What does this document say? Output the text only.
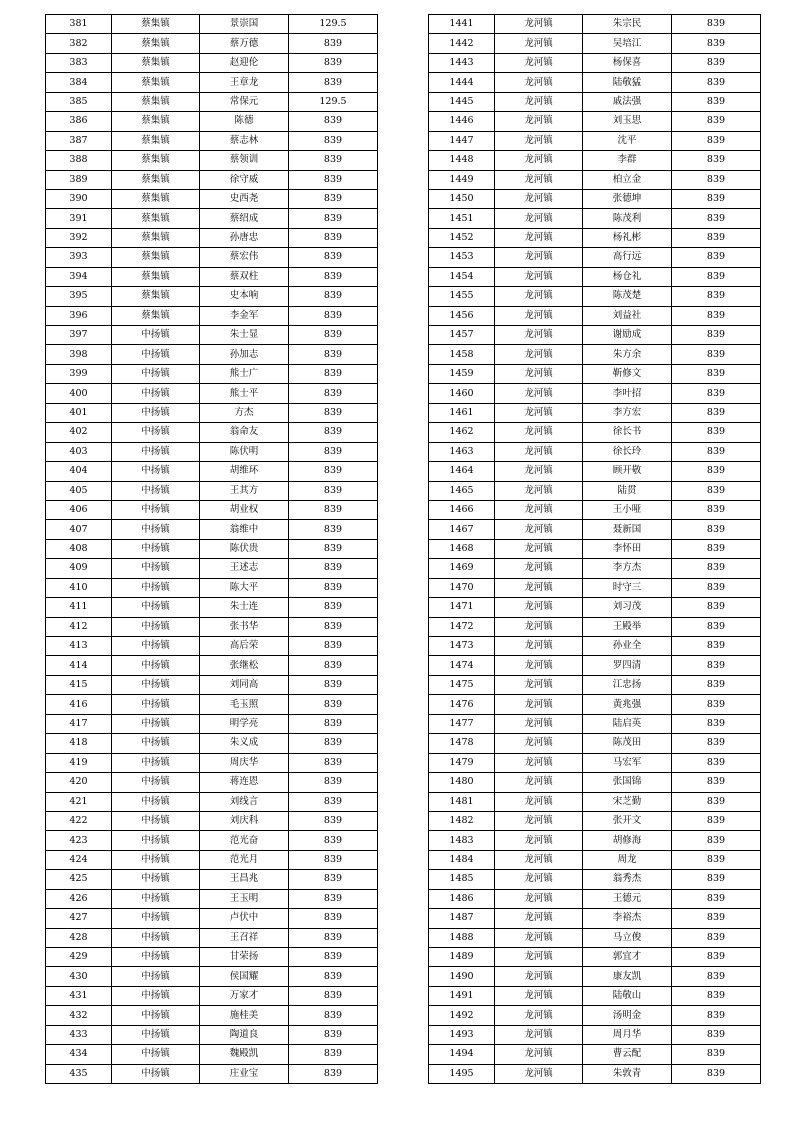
381	蔡集镇	景崇国	129.5
382	蔡集镇	蔡万德	839
383	蔡集镇	赵迎伦	839
384	蔡集镇	王章龙	839
385	蔡集镇	常保元	129.5
386	蔡集镇	陈德	839
387	蔡集镇	蔡志林	839
388	蔡集镇	蔡领训	839
389	蔡集镇	徐守威	839
390	蔡集镇	史西尧	839
391	蔡集镇	蔡绍成	839
392	蔡集镇	孙唐忠	839
393	蔡集镇	蔡宏伟	839
394	蔡集镇	蔡双柱	839
395	蔡集镇	史本响	839
396	蔡集镇	李金军	839
397	中扬镇	朱士显	839
398	中扬镇	孙加志	839
399	中扬镇	熊士广	839
400	中扬镇	熊士平	839
401	中扬镇	方杰	839
402	中扬镇	翁命友	839
403	中扬镇	陈伏明	839
404	中扬镇	胡维环	839
405	中扬镇	王其方	839
406	中扬镇	胡业权	839
407	中扬镇	翁维中	839
408	中扬镇	陈伏贵	839
409	中扬镇	王述志	839
410	中扬镇	陈大平	839
411	中扬镇	朱士连	839
412	中扬镇	张书华	839
413	中扬镇	高后荣	839
414	中扬镇	张继松	839
415	中扬镇	刘同高	839
416	中扬镇	毛玉照	839
417	中扬镇	明学亮	839
418	中扬镇	朱义成	839
419	中扬镇	周庆华	839
420	中扬镇	蒋连恩	839
421	中扬镇	刘线言	839
422	中扬镇	刘庆科	839
423	中扬镇	范光奋	839
424	中扬镇	范光月	839
425	中扬镇	王昌兆	839
426	中扬镇	王玉明	839
427	中扬镇	卢伏中	839
428	中扬镇	王召祥	839
429	中扬镇	甘荣扬	839
430	中扬镇	侯国耀	839
431	中扬镇	万家才	839
432	中扬镇	施桂美	839
433	中扬镇	陶道良	839
434	中扬镇	魏殿凯	839
435	中扬镇	庄业宝	839
1441	龙河镇	朱宗民	839
1442	龙河镇	吴培江	839
1443	龙河镇	杨保喜	839
1444	龙河镇	陆敬猛	839
1445	龙河镇	戚法强	839
1446	龙河镇	刘玉思	839
1447	龙河镇	沈平	839
1448	龙河镇	李群	839
1449	龙河镇	柏立金	839
1450	龙河镇	张德坤	839
1451	龙河镇	陈茂利	839
1452	龙河镇	杨礼彬	839
1453	龙河镇	高行远	839
1454	龙河镇	杨仓礼	839
1455	龙河镇	陈茂楚	839
1456	龙河镇	刘益社	839
1457	龙河镇	谢励成	839
1458	龙河镇	朱方余	839
1459	龙河镇	靳修文	839
1460	龙河镇	李叶招	839
1461	龙河镇	李方宏	839
1462	龙河镇	徐长书	839
1463	龙河镇	徐长玲	839
1464	龙河镇	顾开敬	839
1465	龙河镇	陆贯	839
1466	龙河镇	王小哑	839
1467	龙河镇	聂新国	839
1468	龙河镇	李怀田	839
1469	龙河镇	李方杰	839
1470	龙河镇	时守三	839
1471	龙河镇	刘习茂	839
1472	龙河镇	王殿举	839
1473	龙河镇	孙业全	839
1474	龙河镇	罗四清	839
1475	龙河镇	江忠扬	839
1476	龙河镇	黄兆强	839
1477	龙河镇	陆启英	839
1478	龙河镇	陈茂田	839
1479	龙河镇	马宏军	839
1480	龙河镇	张国锦	839
1481	龙河镇	宋芝勤	839
1482	龙河镇	张开文	839
1483	龙河镇	胡修海	839
1484	龙河镇	周龙	839
1485	龙河镇	翁秀杰	839
1486	龙河镇	王德元	839
1487	龙河镇	李裕杰	839
1488	龙河镇	马立俊	839
1489	龙河镇	郭宜才	839
1490	龙河镇	康友凯	839
1491	龙河镇	陆敬山	839
1492	龙河镇	汤明金	839
1493	龙河镇	周月华	839
1494	龙河镇	曹云配	839
1495	龙河镇	朱敦青	839
